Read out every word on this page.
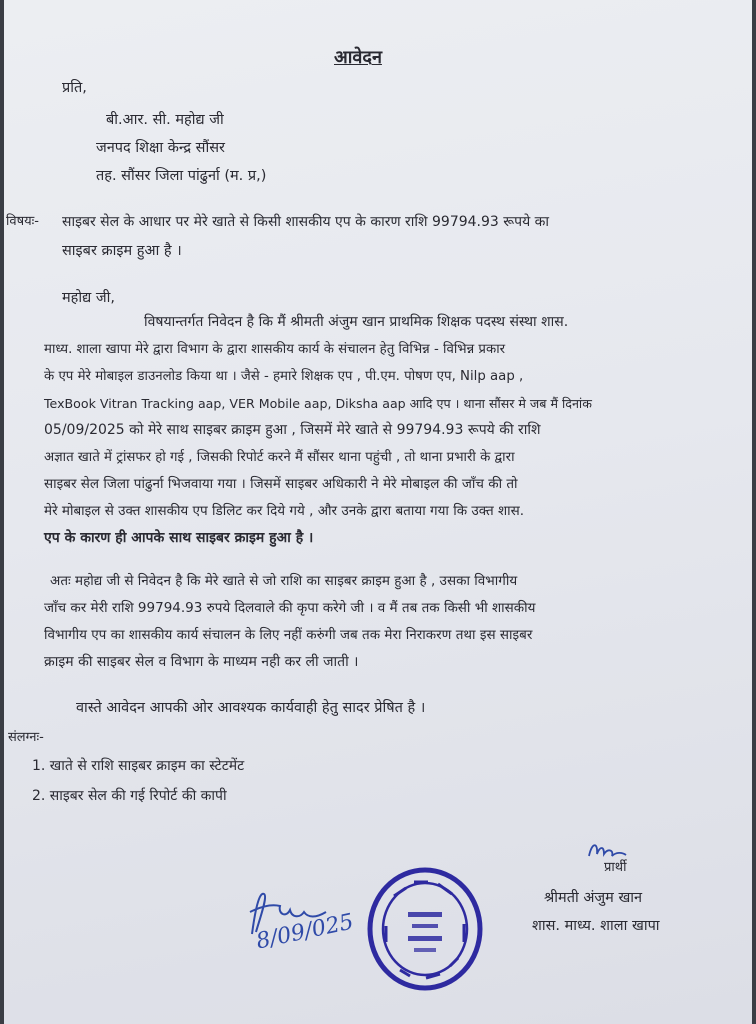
आवेदन
प्रति,
बी.आर. सी. महोद्य जी
जनपद शिक्षा केन्द्र सौंसर
तह. सौंसर जिला पांढुर्ना (म. प्र,)
विषयः- साइबर सेल के आधार पर मेरे खाते से किसी शासकीय एप के कारण राशि 99794.93 रूपये का
साइबर क्राइम हुआ है ।
महोद्य जी,
विषयान्तर्गत निवेदन है कि मैं श्रीमती अंजुम खान प्राथमिक शिक्षक पदस्थ संस्था शास.
माध्य. शाला खापा मेरे द्वारा विभाग के द्वारा शासकीय कार्य के संचालन हेतु विभिन्न - विभिन्न प्रकार
के एप मेरे मोबाइल डाउनलोड किया था । जैसे - हमारे शिक्षक एप , पी.एम. पोषण एप, Nilp aap ,
TexBook Vitran Tracking aap, VER Mobile aap, Diksha aap आदि एप । थाना सौंसर मे जब मैं दिनांक
05/09/2025 को मेरे साथ साइबर क्राइम हुआ , जिसमें मेरे खाते से 99794.93 रूपये की राशि
अज्ञात खाते में ट्रांसफर हो गई , जिसकी रिपोर्ट करने मैं सौंसर थाना पहुंची , तो थाना प्रभारी के द्वारा
साइबर सेल जिला पांढुर्ना भिजवाया गया । जिसमें साइबर अधिकारी ने मेरे मोबाइल की जाँच की तो
मेरे मोबाइल से उक्त शासकीय एप डिलिट कर दिये गये , और उनके द्वारा बताया गया कि उक्त शास.
एप के कारण ही आपके साथ साइबर क्राइम हुआ है ।
अतः महोद्य जी से निवेदन है कि मेरे खाते से जो राशि का साइबर क्राइम हुआ है , उसका विभागीय
जाँच कर मेरी राशि 99794.93 रुपये दिलवाले की कृपा करेगे जी । व मैं तब तक किसी भी शासकीय
विभागीय एप का शासकीय कार्य संचालन के लिए नहीं करुंगी जब तक मेरा निराकरण तथा इस साइबर
क्राइम की साइबर सेल व विभाग के माध्यम नही कर ली जाती ।
वास्ते आवेदन आपकी ओर आवश्यक कार्यवाही हेतु सादर प्रेषित है ।
संलग्नः-
1. खाते से राशि साइबर क्राइम का स्टेटमेंट
2. साइबर सेल की गई रिपोर्ट की कापी
प्रार्थी
श्रीमती अंजुम खान
शास. माध्य. शाला खापा
8/09/025
